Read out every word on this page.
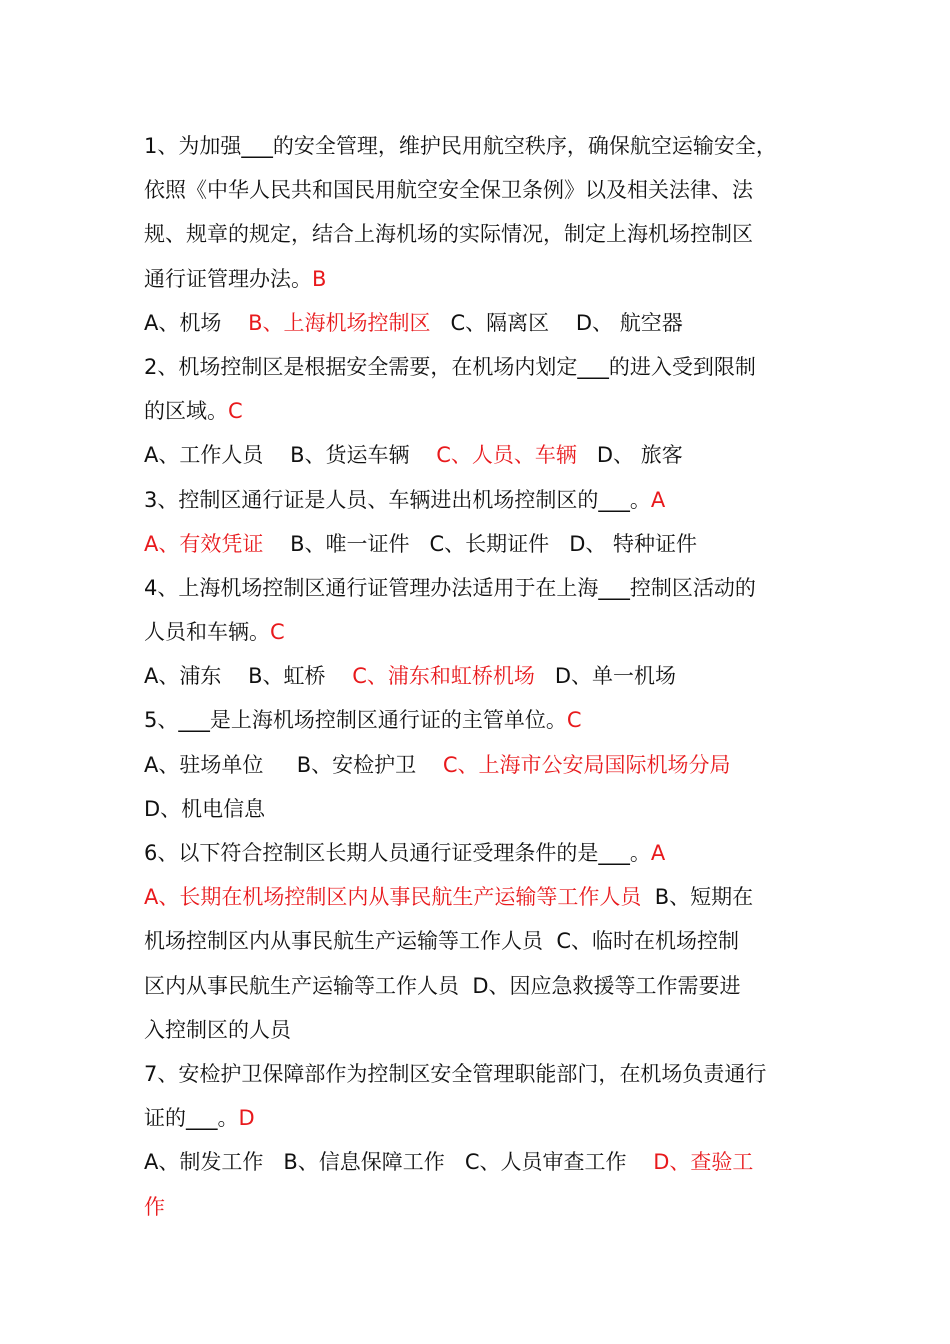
1、为加强___的安全管理，维护民用航空秩序，确保航空运输安全，
依照《中华人民共和国民用航空安全保卫条例》以及相关法律、法
规、规章的规定，结合上海机场的实际情况，制定上海机场控制区
通行证管理办法。B
A、机场    B、上海机场控制区   C、隔离区    D、 航空器
2、机场控制区是根据安全需要，在机场内划定___的进入受到限制
的区域。C
A、工作人员    B、货运车辆    C、人员、车辆   D、 旅客
3、控制区通行证是人员、车辆进出机场控制区的___。A
A、有效凭证    B、唯一证件   C、长期证件   D、 特种证件
4、上海机场控制区通行证管理办法适用于在上海___控制区活动的
人员和车辆。C
A、浦东    B、虹桥    C、浦东和虹桥机场   D、单一机场
5、___是上海机场控制区通行证的主管单位。C
A、驻场单位     B、安检护卫    C、上海市公安局国际机场分局
D、机电信息
6、以下符合控制区长期人员通行证受理条件的是___。A
A、长期在机场控制区内从事民航生产运输等工作人员  B、短期在
机场控制区内从事民航生产运输等工作人员  C、临时在机场控制
区内从事民航生产运输等工作人员  D、因应急救援等工作需要进
入控制区的人员
7、安检护卫保障部作为控制区安全管理职能部门，在机场负责通行
证的___。D
A、制发工作   B、信息保障工作   C、人员审查工作    D、查验工
作
